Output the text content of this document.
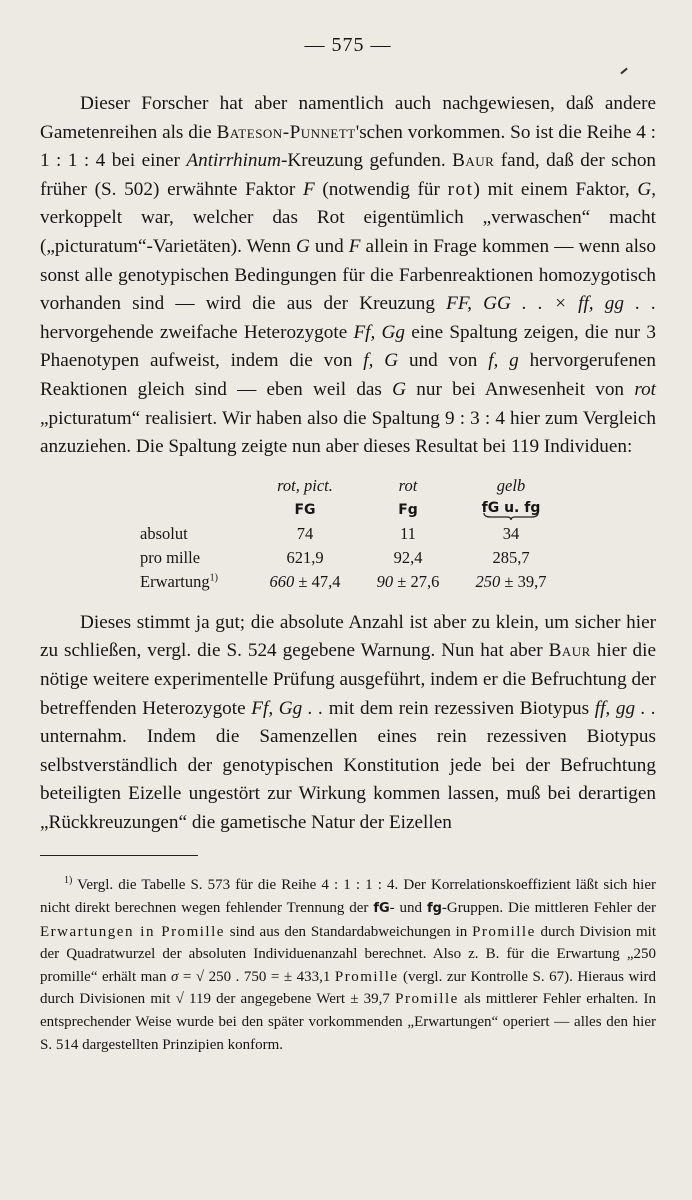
— 575 —

Dieser Forscher hat aber namentlich auch nachgewiesen, daß andere Gametenreihen als die Bateson-Punnett'schen vorkommen. So ist die Reihe 4 : 1 : 1 : 4 bei einer Antirrhinum-Kreuzung gefunden. Baur fand, daß der schon früher (S. 502) erwähnte Faktor F (notwendig für rot) mit einem Faktor, G, verkoppelt war, welcher das Rot eigentümlich „verwaschen“ macht („picturatum“-Varietäten). Wenn G und F allein in Frage kommen — wenn also sonst alle genotypischen Bedingungen für die Farbenreaktionen homozygotisch vorhanden sind — wird die aus der Kreuzung FF, GG . . × ff, gg . . hervorgehende zweifache Heterozygote Ff, Gg eine Spaltung zeigen, die nur 3 Phaenotypen aufweist, indem die von f, G und von f, g hervorgerufenen Reaktionen gleich sind — eben weil das G nur bei Anwesenheit von rot „picturatum“ realisiert. Wir haben also die Spaltung 9 : 3 : 4 hier zum Vergleich anzuziehen. Die Spaltung zeigte nun aber dieses Resultat bei 119 Individuen:

	rot, pict.	rot	gelb
	FG	Fg	fG u. fg

absolut	74	11	34
pro mille	621,9	92,4	285,7
Erwartung$^{1)}$	660 ± 47,4	90 ± 27,6	250 ± 39,7

Dieses stimmt ja gut; die absolute Anzahl ist aber zu klein, um sicher hier zu schließen, vergl. die S. 524 gegebene Warnung. Nun hat aber Baur hier die nötige weitere experimentelle Prüfung ausgeführt, indem er die Befruchtung der betreffenden Heterozygote Ff, Gg . . mit dem rein rezessiven Biotypus ff, gg . . unternahm. Indem die Samenzellen eines rein rezessiven Biotypus selbstverständlich der genotypischen Konstitution jede bei der Befruchtung beteiligten Eizelle ungestört zur Wirkung kommen lassen, muß bei derartigen „Rückkreuzungen“ die gametische Natur der Eizellen

$^{1)}$ Vergl. die Tabelle S. 573 für die Reihe 4 : 1 : 1 : 4. Der Korrelationskoeffizient läßt sich hier nicht direkt berechnen wegen fehlender Trennung der fG- und fg-Gruppen. Die mittleren Fehler der Erwartungen in Promille sind aus den Standardabweichungen in Promille durch Division mit der Quadratwurzel der absoluten Individuenanzahl berechnet. Also z. B. für die Erwartung „250 promille“ erhält man σ = √ 250 . 750 = ± 433,1 Promille (vergl. zur Kontrolle S. 67). Hieraus wird durch Divisionen mit √ 119 der angegebene Wert ± 39,7 Promille als mittlerer Fehler erhalten. In entsprechender Weise wurde bei den später vorkommenden „Erwartungen“ operiert — alles den hier S. 514 dargestellten Prinzipien konform.
